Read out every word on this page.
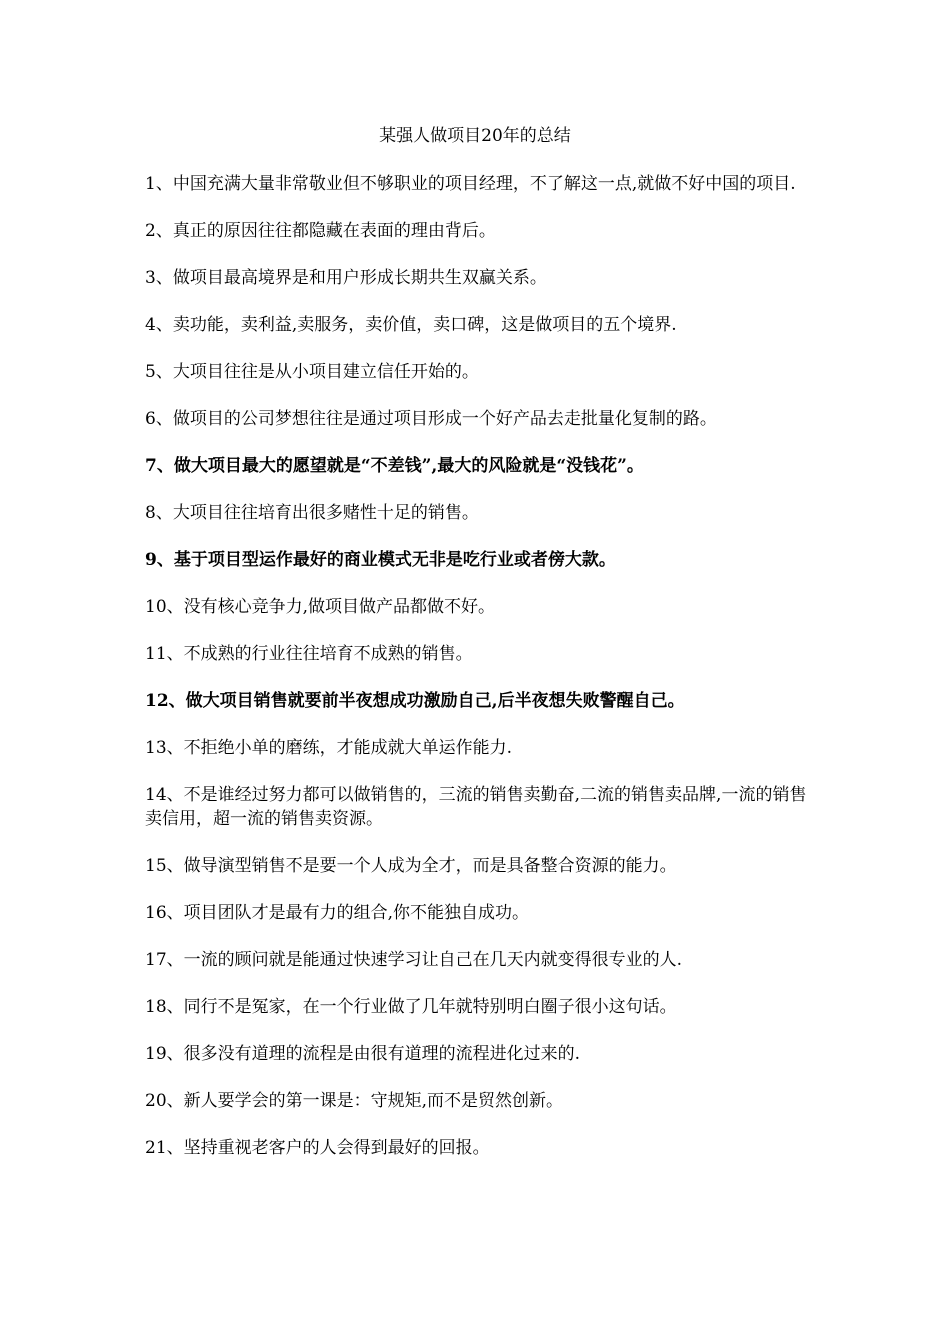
某强人做项目20年的总结

1、中国充满大量非常敬业但不够职业的项目经理，不了解这一点,就做不好中国的项目.

2、真正的原因往往都隐藏在表面的理由背后。

3、做项目最高境界是和用户形成长期共生双赢关系。

4、卖功能，卖利益,卖服务，卖价值，卖口碑，这是做项目的五个境界.

5、大项目往往是从小项目建立信任开始的。

6、做项目的公司梦想往往是通过项目形成一个好产品去走批量化复制的路。

7、做大项目最大的愿望就是“不差钱”,最大的风险就是“没钱花”。

8、大项目往往培育出很多赌性十足的销售。

9、基于项目型运作最好的商业模式无非是吃行业或者傍大款。

10、没有核心竞争力,做项目做产品都做不好。

11、不成熟的行业往往培育不成熟的销售。

12、做大项目销售就要前半夜想成功激励自己,后半夜想失败警醒自己。

13、不拒绝小单的磨练，才能成就大单运作能力.

14、不是谁经过努力都可以做销售的，三流的销售卖勤奋,二流的销售卖品牌,一流的销售卖信用，超一流的销售卖资源。

15、做导演型销售不是要一个人成为全才，而是具备整合资源的能力。

16、项目团队才是最有力的组合,你不能独自成功。

17、一流的顾问就是能通过快速学习让自己在几天内就变得很专业的人.

18、同行不是冤家，在一个行业做了几年就特别明白圈子很小这句话。

19、很多没有道理的流程是由很有道理的流程进化过来的.

20、新人要学会的第一课是：守规矩,而不是贸然创新。

21、坚持重视老客户的人会得到最好的回报。
